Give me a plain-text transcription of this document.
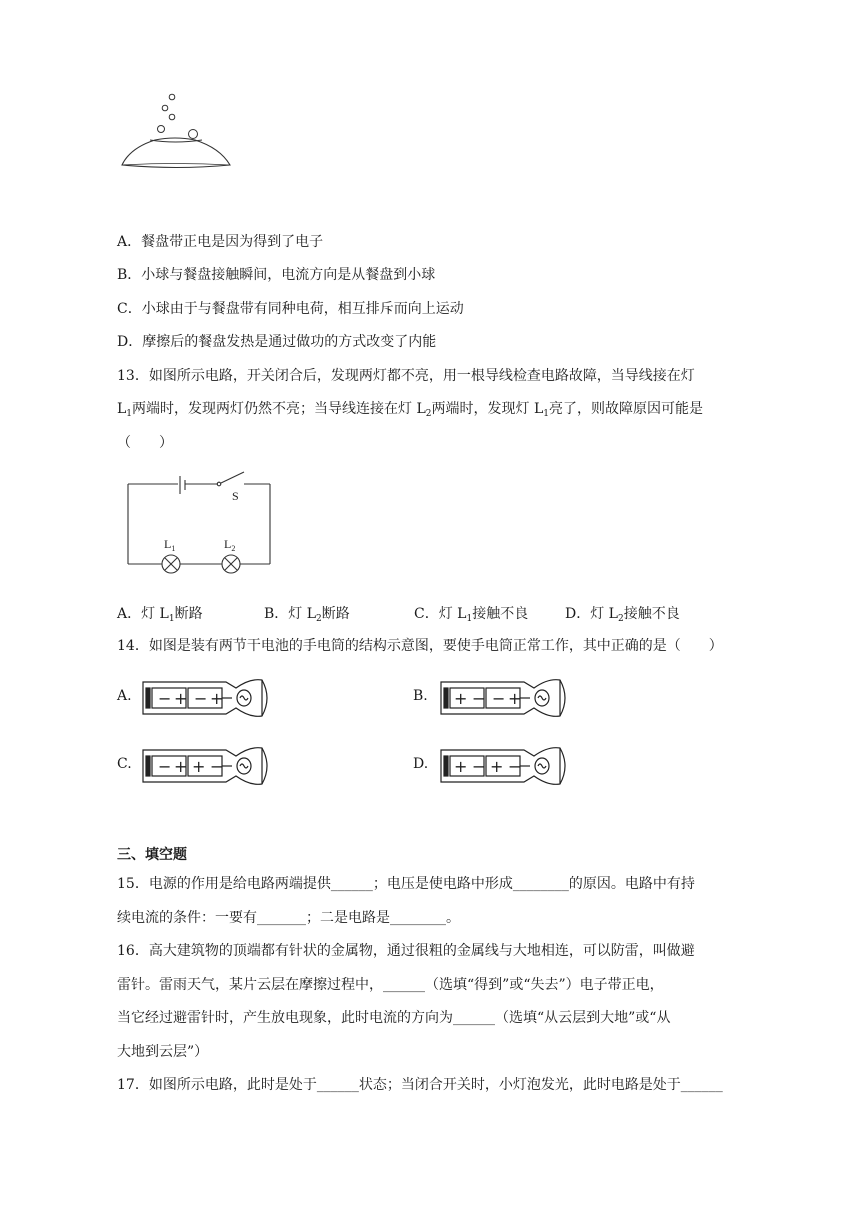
A．餐盘带正电是因为得到了电子
B．小球与餐盘接触瞬间，电流方向是从餐盘到小球
C．小球由于与餐盘带有同种电荷，相互排斥而向上运动
D．摩擦后的餐盘发热是通过做功的方式改变了内能
13．如图所示电路，开关闭合后，发现两灯都不亮，用一根导线检查电路故障，当导线接在灯
$L_1$两端时，发现两灯仍然不亮；当导线连接在灯 $L_2$两端时，发现灯 $L_1$亮了，则故障原因可能是
（　　）
S
$L_1$	$L_2$
A．灯 $L_1$断路	B．灯 $L_2$断路	C．灯 $L_1$接触不良	D．灯 $L_2$接触不良
14．如图是装有两节干电池的手电筒的结构示意图，要使手电筒正常工作，其中正确的是（　　）
A.	B.
C.	D.
− + − +	+ − − +
− + + −	+ − + −
三、填空题
15．电源的作用是给电路两端提供______；电压是使电路中形成________的原因。电路中有持
续电流的条件：一要有_______；二是电路是________。
16．高大建筑物的顶端都有针状的金属物，通过很粗的金属线与大地相连，可以防雷，叫做避
雷针。雷雨天气，某片云层在摩擦过程中，______（选填“得到”或“失去”）电子带正电，
当它经过避雷针时，产生放电现象，此时电流的方向为______（选填“从云层到大地”或“从
大地到云层”）
17．如图所示电路，此时是处于______状态；当闭合开关时，小灯泡发光，此时电路是处于______
